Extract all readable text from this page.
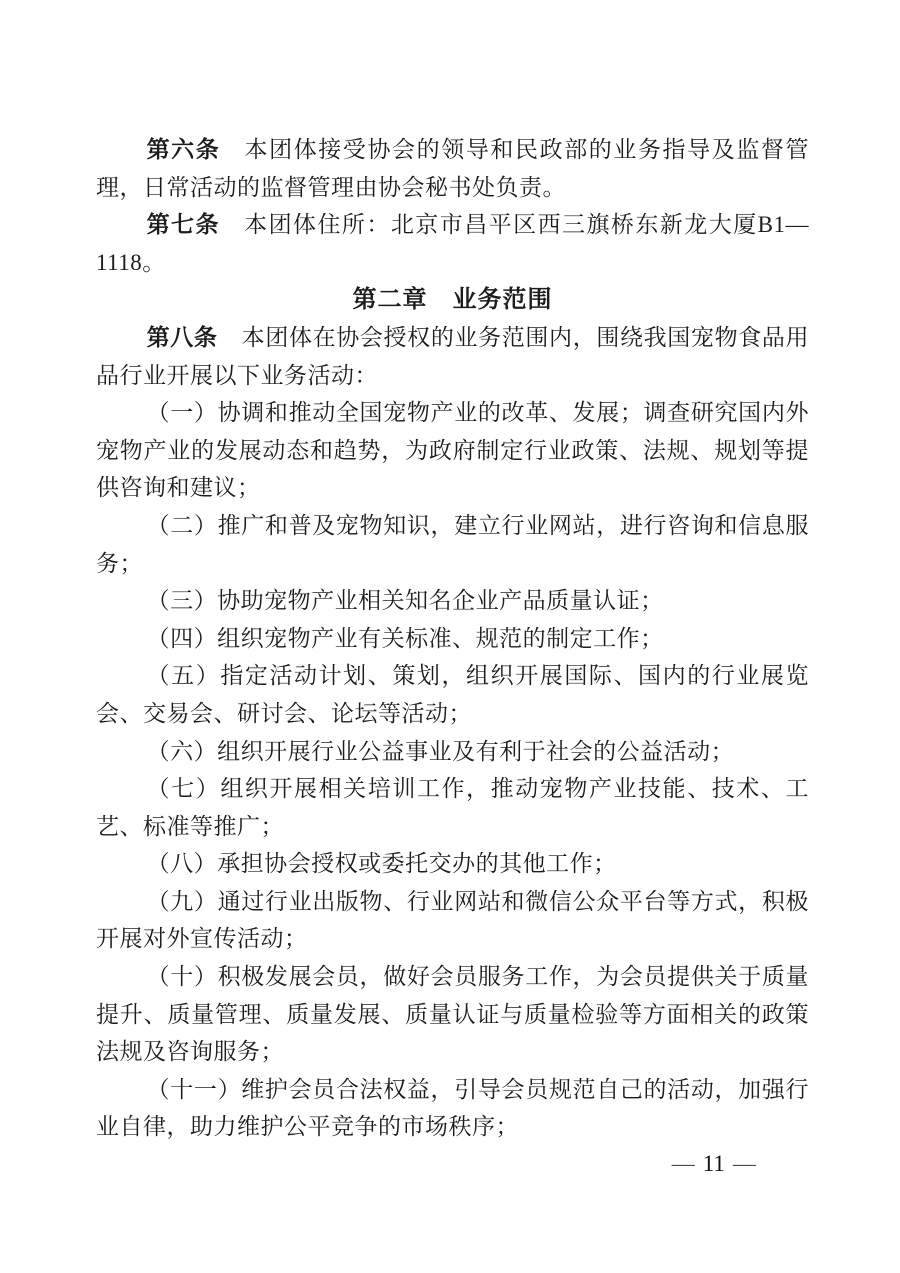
第六条 本团体接受协会的领导和民政部的业务指导及监督管理，日常活动的监督管理由协会秘书处负责。

第七条 本团体住所：北京市昌平区西三旗桥东新龙大厦B1—1118。

第二章　业务范围

第八条 本团体在协会授权的业务范围内，围绕我国宠物食品用品行业开展以下业务活动：

（一）协调和推动全国宠物产业的改革、发展；调查研究国内外宠物产业的发展动态和趋势，为政府制定行业政策、法规、规划等提供咨询和建议；

（二）推广和普及宠物知识，建立行业网站，进行咨询和信息服务；

（三）协助宠物产业相关知名企业产品质量认证；

（四）组织宠物产业有关标准、规范的制定工作；

（五）指定活动计划、策划，组织开展国际、国内的行业展览会、交易会、研讨会、论坛等活动；

（六）组织开展行业公益事业及有利于社会的公益活动；

（七）组织开展相关培训工作，推动宠物产业技能、技术、工艺、标准等推广；

（八）承担协会授权或委托交办的其他工作；

（九）通过行业出版物、行业网站和微信公众平台等方式，积极开展对外宣传活动；

（十）积极发展会员，做好会员服务工作，为会员提供关于质量提升、质量管理、质量发展、质量认证与质量检验等方面相关的政策法规及咨询服务；

（十一）维护会员合法权益，引导会员规范自己的活动，加强行业自律，助力维护公平竞争的市场秩序；

— 11 —
